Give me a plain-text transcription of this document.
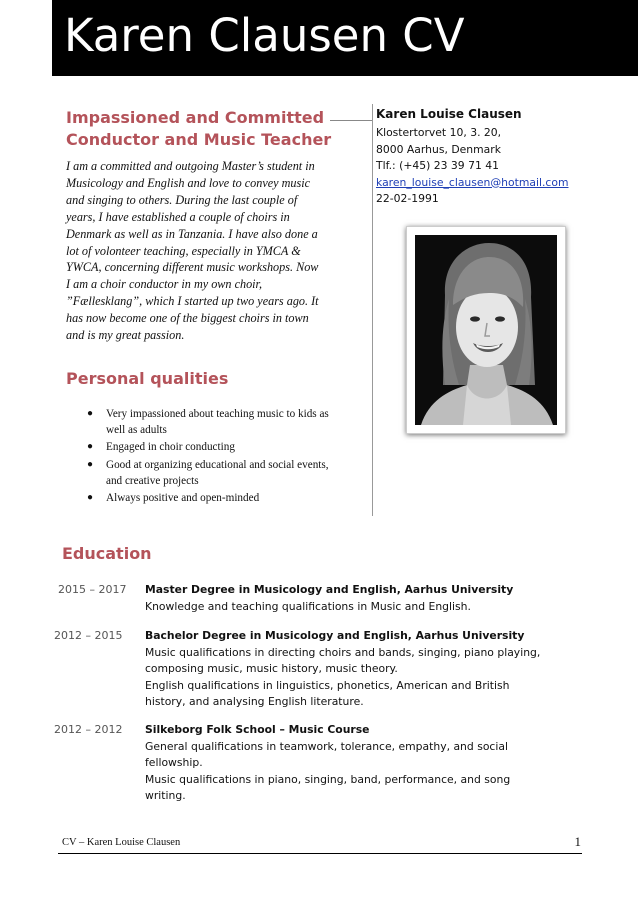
Karen Clausen CV
Impassioned and Committed Conductor and Music Teacher
I am a committed and outgoing Master’s student in Musicology and English and love to convey music and singing to others. During the last couple of years, I have established a couple of choirs in Denmark as well as in Tanzania. I have also done a lot of volonteer teaching, especially in YMCA & YWCA, concerning different music workshops. Now I am a choir conductor in my own choir, ”Fællesklang”, which I started up two years ago. It has now become one of the biggest choirs in town and is my great passion.
Personal qualities
● Very impassioned about teaching music to kids as well as adults
● Engaged in choir conducting
● Good at organizing educational and social events, and creative projects
● Always positive and open-minded
Karen Louise Clausen
Klostertorvet 10, 3. 20,
8000 Aarhus, Denmark
Tlf.: (+45) 23 39 71 41
karen_louise_clausen@hotmail.com
22-02-1991
Education
2015 – 2017	Master Degree in Musicology and English, Aarhus University
Knowledge and teaching qualifications in Music and English.
2012 – 2015	Bachelor Degree in Musicology and English, Aarhus University
Music qualifications in directing choirs and bands, singing, piano playing, composing music, music history, music theory.
English qualifications in linguistics, phonetics, American and British history, and analysing English literature.
2012 – 2012	Silkeborg Folk School – Music Course
General qualifications in teamwork, tolerance, empathy, and social fellowship.
Music qualifications in piano, singing, band, performance, and song writing.
CV – Karen Louise Clausen	1
